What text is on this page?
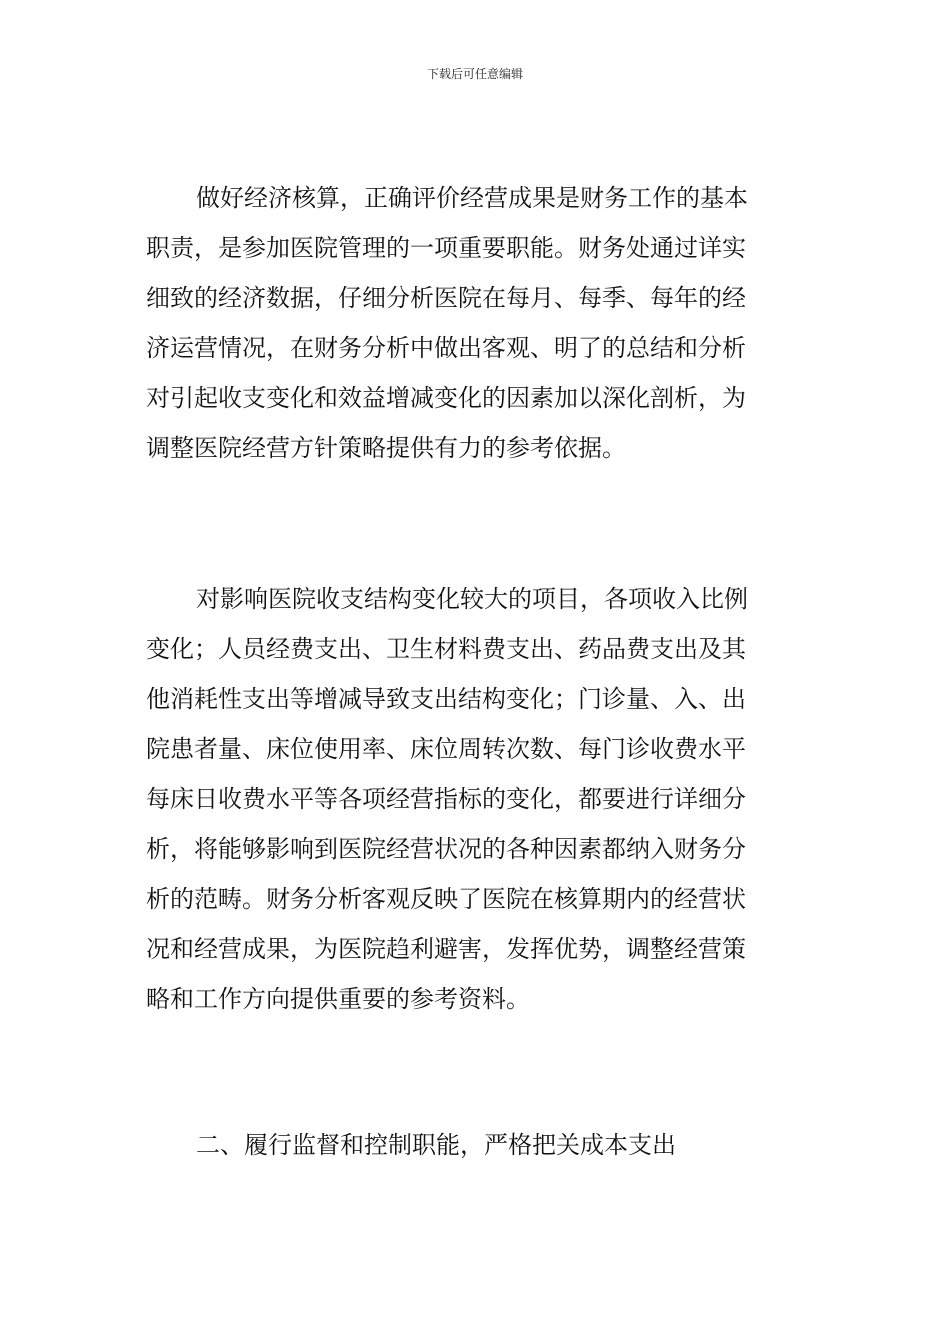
下载后可任意编辑
做好经济核算，正确评价经营成果是财务工作的基本
职责，是参加医院管理的一项重要职能。财务处通过详实
细致的经济数据，仔细分析医院在每月、每季、每年的经
济运营情况，在财务分析中做出客观、明了的总结和分析
对引起收支变化和效益增减变化的因素加以深化剖析，为
调整医院经营方针策略提供有力的参考依据。
对影响医院收支结构变化较大的项目，各项收入比例
变化；人员经费支出、卫生材料费支出、药品费支出及其
他消耗性支出等增减导致支出结构变化；门诊量、入、出
院患者量、床位使用率、床位周转次数、每门诊收费水平
每床日收费水平等各项经营指标的变化，都要进行详细分
析，将能够影响到医院经营状况的各种因素都纳入财务分
析的范畴。财务分析客观反映了医院在核算期内的经营状
况和经营成果，为医院趋利避害，发挥优势，调整经营策
略和工作方向提供重要的参考资料。
二、履行监督和控制职能，严格把关成本支出
